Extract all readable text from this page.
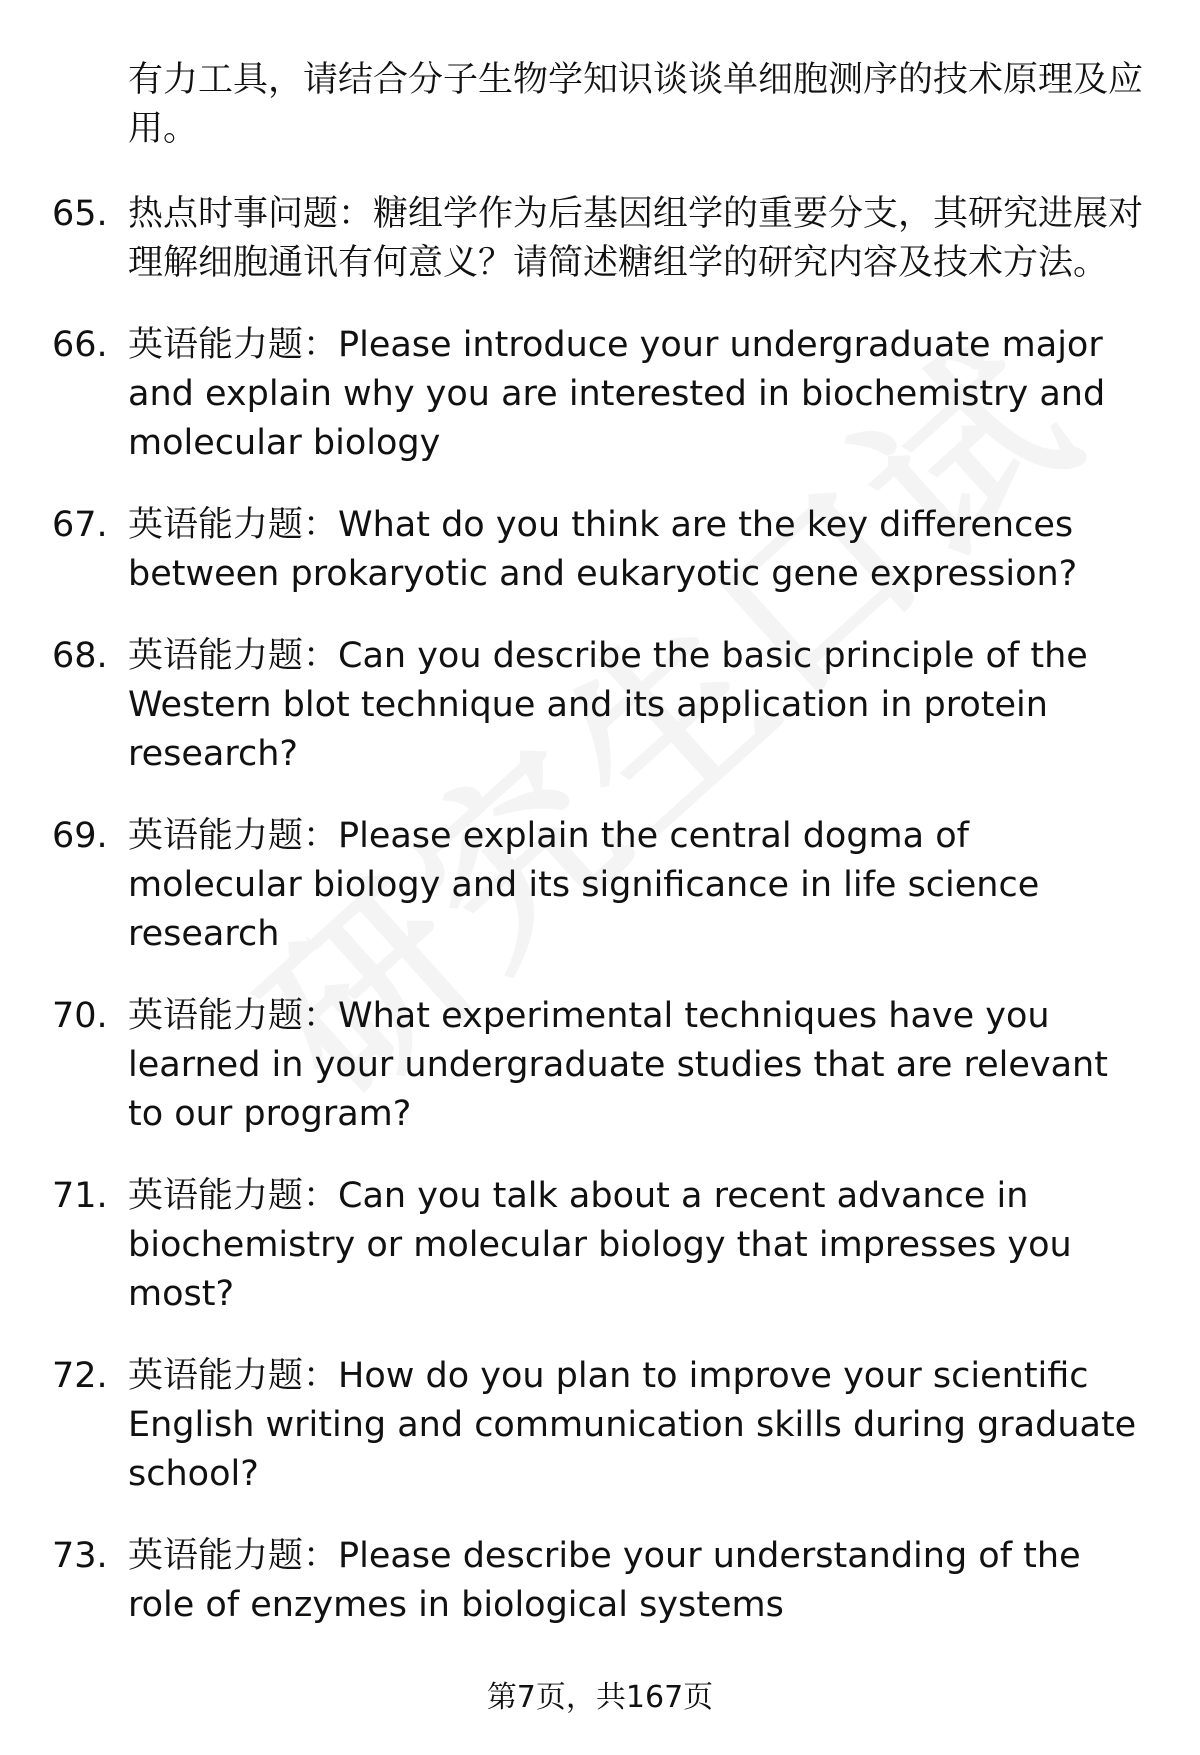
有力工具，请结合分子生物学知识谈谈单细胞测序的技术原理及应用。
65. 热点时事问题：糖组学作为后基因组学的重要分支，其研究进展对理解细胞通讯有何意义？请简述糖组学的研究内容及技术方法。
66. 英语能力题：Please introduce your undergraduate major and explain why you are interested in biochemistry and molecular biology
67. 英语能力题：What do you think are the key differences between prokaryotic and eukaryotic gene expression?
68. 英语能力题：Can you describe the basic principle of the Western blot technique and its application in protein research?
69. 英语能力题：Please explain the central dogma of molecular biology and its significance in life science research
70. 英语能力题：What experimental techniques have you learned in your undergraduate studies that are relevant to our program?
71. 英语能力题：Can you talk about a recent advance in biochemistry or molecular biology that impresses you most?
72. 英语能力题：How do you plan to improve your scientific English writing and communication skills during graduate school?
73. 英语能力题：Please describe your understanding of the role of enzymes in biological systems
第7页，共167页
